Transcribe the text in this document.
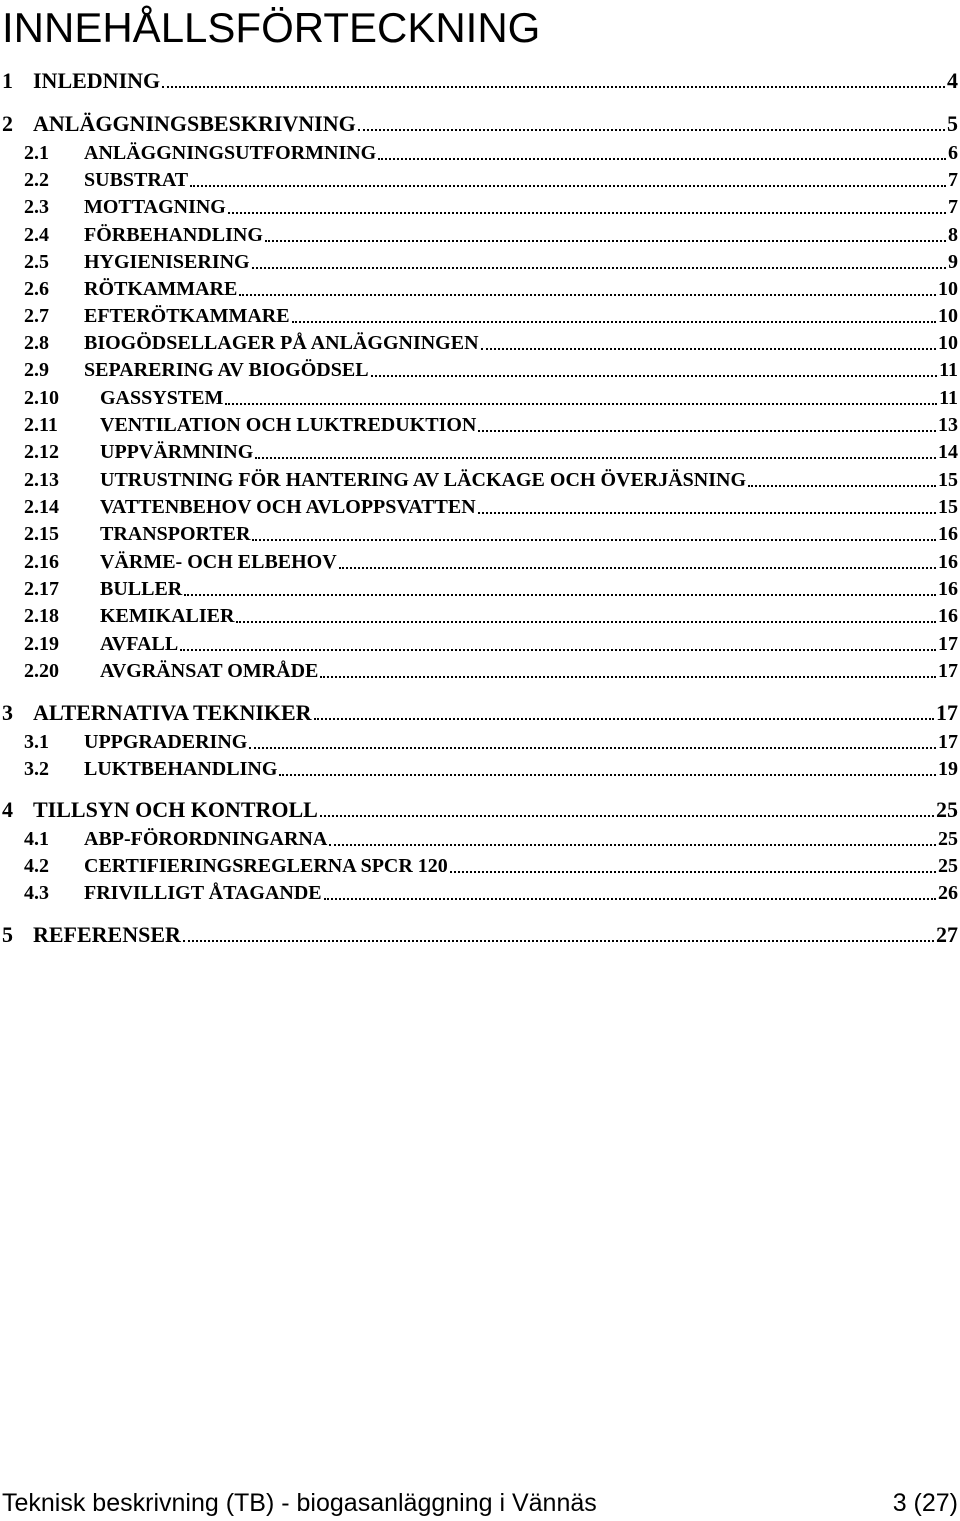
INNEHÅLLSFÖRTECKNING
1 INLEDNING	4
2 ANLÄGGNINGSBESKRIVNING	5
2.1	ANLÄGGNINGSUTFORMNING	6
2.2	SUBSTRAT	7
2.3	MOTTAGNING	7
2.4	FÖRBEHANDLING	8
2.5	HYGIENISERING	9
2.6	RÖTKAMMARE	10
2.7	EFTERÖTKAMMARE	10
2.8	BIOGÖDSELLAGER PÅ ANLÄGGNINGEN	10
2.9	SEPARERING AV BIOGÖDSEL	11
2.10	GASSYSTEM	11
2.11	VENTILATION OCH LUKTREDUKTION	13
2.12	UPPVÄRMNING	14
2.13	UTRUSTNING FÖR HANTERING AV LÄCKAGE OCH ÖVERJÄSNING	15
2.14	VATTENBEHOV OCH AVLOPPSVATTEN	15
2.15	TRANSPORTER	16
2.16	VÄRME- OCH ELBEHOV	16
2.17	BULLER	16
2.18	KEMIKALIER	16
2.19	AVFALL	17
2.20	AVGRÄNSAT OMRÅDE	17
3 ALTERNATIVA TEKNIKER	17
3.1	UPPGRADERING	17
3.2	LUKTBEHANDLING	19
4 TILLSYN OCH KONTROLL	25
4.1	ABP-FÖRORDNINGARNA	25
4.2	CERTIFIERINGSREGLERNA SPCR 120	25
4.3	FRIVILLIGT ÅTAGANDE	26
5 REFERENSER	27
Teknisk beskrivning (TB) - biogasanläggning i Vännäs	3 (27)
